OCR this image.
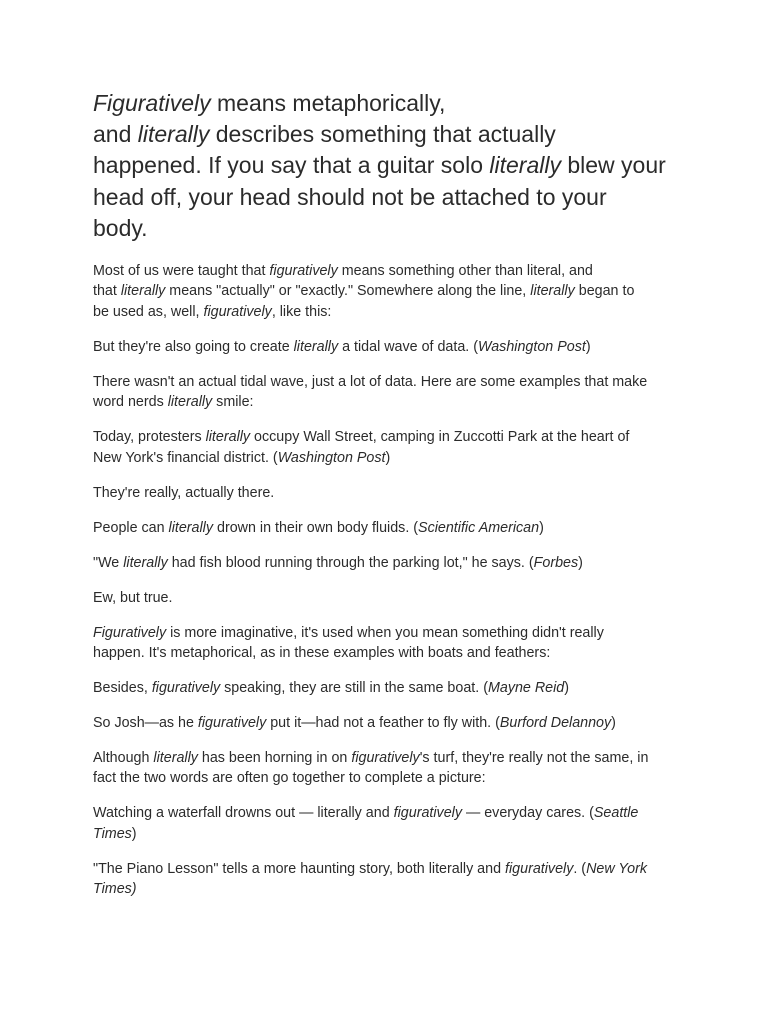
Figuratively means metaphorically,
and literally describes something that actually
happened. If you say that a guitar solo literally blew your
head off, your head should not be attached to your
body.

Most of us were taught that figuratively means something other than literal, and
that literally means "actually" or "exactly." Somewhere along the line, literally began to
be used as, well, figuratively, like this:

But they're also going to create literally a tidal wave of data. (Washington Post)

There wasn't an actual tidal wave, just a lot of data. Here are some examples that make
word nerds literally smile:

Today, protesters literally occupy Wall Street, camping in Zuccotti Park at the heart of
New York's financial district. (Washington Post)

They're really, actually there.

People can literally drown in their own body fluids. (Scientific American)

"We literally had fish blood running through the parking lot," he says. (Forbes)

Ew, but true.

Figuratively is more imaginative, it's used when you mean something didn't really
happen. It's metaphorical, as in these examples with boats and feathers:

Besides, figuratively speaking, they are still in the same boat. (Mayne Reid)

So Josh—as he figuratively put it—had not a feather to fly with. (Burford Delannoy)

Although literally has been horning in on figuratively's turf, they're really not the same, in
fact the two words are often go together to complete a picture:

Watching a waterfall drowns out — literally and figuratively — everyday cares. (Seattle
Times)

"The Piano Lesson" tells a more haunting story, both literally and figuratively. (New York
Times)
